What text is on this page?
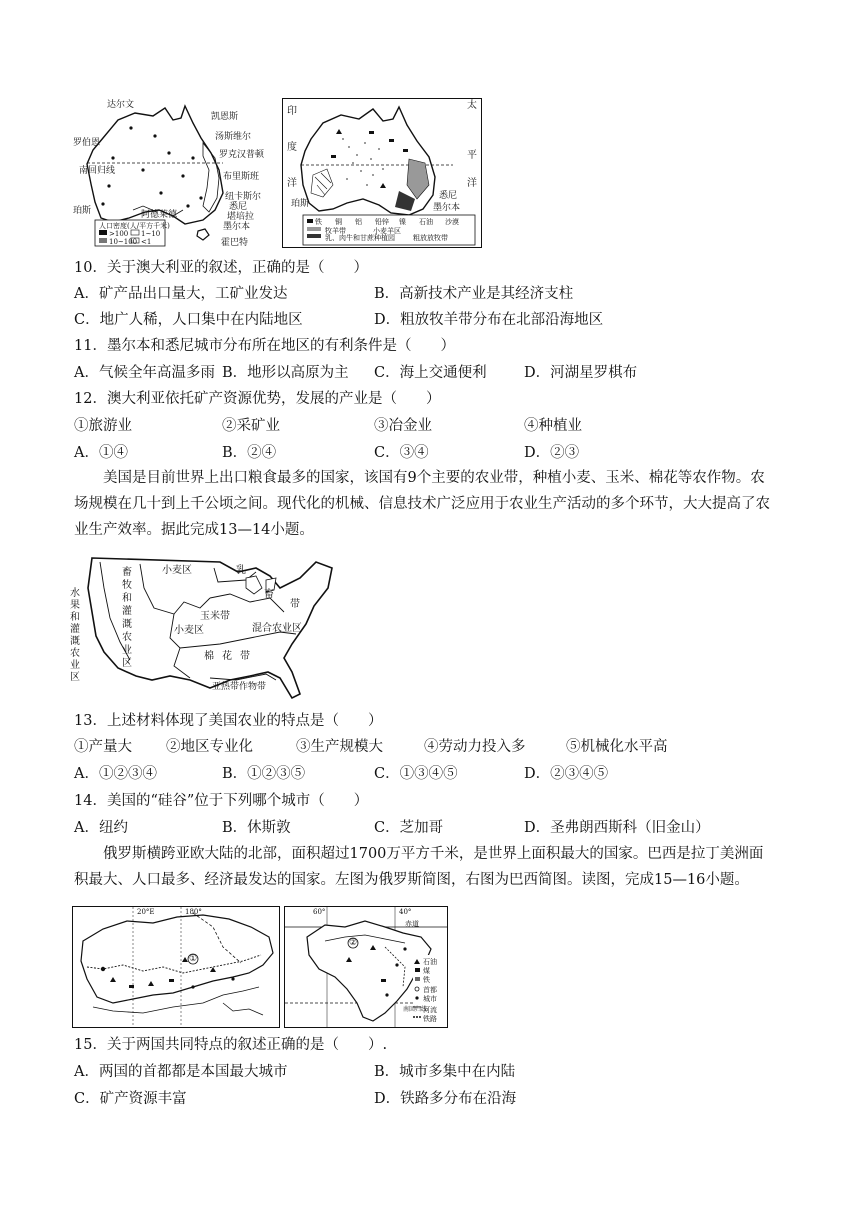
达尔文
凯恩斯
汤斯维尔
罗伯恩
罗克汉普顿
南回归线
布里斯班
纽卡斯尔
悉尼
珀斯	阿德莱德	堪培拉
墨尔本
霍巴特
人口密度(人/平方千米)
>100 1~10
10~100 <1
印
度
洋
太
平
洋
珀斯
悉尼
墨尔本
铁 铜 铝 铅锌 镍 石油 沙漠
牧羊带	小麦羊区
乳、肉牛和甘蔗种植园	粗放放牧带
10．关于澳大利亚的叙述，正确的是（　　）
A．矿产品出口量大，工矿业发达	B．高新技术产业是其经济支柱
C．地广人稀，人口集中在内陆地区	D．粗放牧羊带分布在北部沿海地区
11．墨尔本和悉尼城市分布所在地区的有利条件是（　　）
A．气候全年高温多雨 B．地形以高原为主 C．海上交通便利	D．河湖星罗棋布
12．澳大利亚依托矿产资源优势，发展的产业是（　　）
①旅游业	②采矿业	③冶金业	④种植业
A．①④	B．②④	C．③④	D．②③
美国是目前世界上出口粮食最多的国家，该国有9个主要的农业带，种植小麦、玉米、棉花等农作物。农
场规模在几十到上千公顷之间。现代化的机械、信息技术广泛应用于农业生产活动的多个环节，大大提高了农
业生产效率。据此完成13—14小题。
畜牧和灌溉农业区
水果和灌溉农业区
小麦区	乳
畜
带
玉米带
小麦区	混合农业区
棉花带
亚热带作物带
13．上述材料体现了美国农业的特点是（　　）
①产量大 ②地区专业化	③生产规模大	④劳动力投入多	⑤机械化水平高
A．①②③④	B．①②③⑤	C．①③④⑤	D．②③④⑤
14．美国的“硅谷”位于下列哪个城市（　　）
A．纽约	B．休斯敦	C．芝加哥	D．圣弗朗西斯科（旧金山）
俄罗斯横跨亚欧大陆的北部，面积超过1700万平方千米，是世界上面积最大的国家。巴西是拉丁美洲面
积最大、人口最多、经济最发达的国家。左图为俄罗斯简图，右图为巴西简图。读图，完成15—16小题。
20°E	180°
①
60°	40°
赤道
②
南回归线
石油
煤
铁
首都
城市
河流
铁路
15．关于两国共同特点的叙述正确的是（　　）.
A．两国的首都都是本国最大城市	B．城市多集中在内陆
C．矿产资源丰富	D．铁路多分布在沿海
